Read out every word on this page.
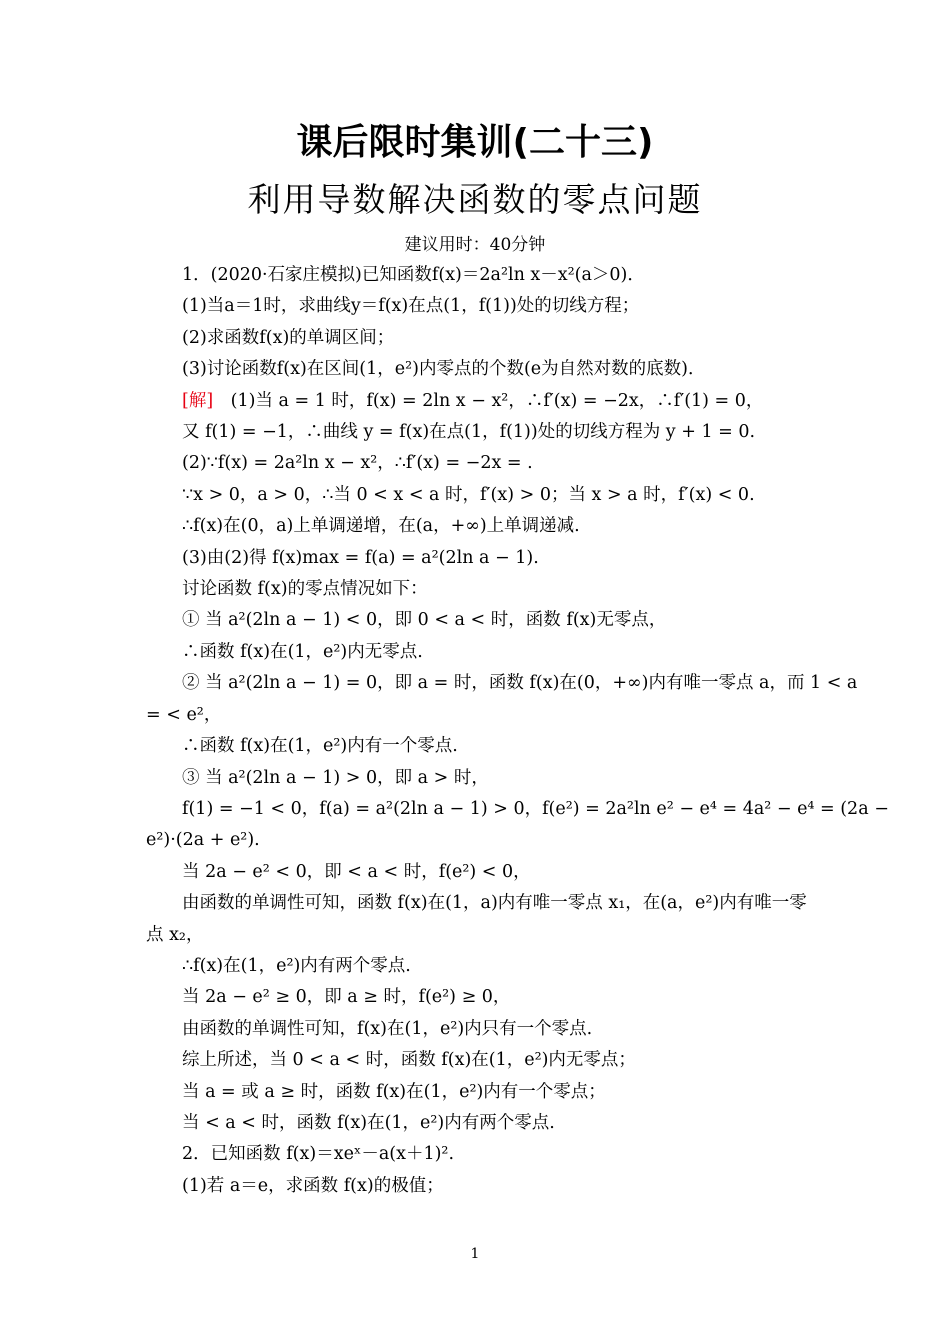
课后限时集训(二十三)
利用导数解决函数的零点问题
建议用时：40分钟
1．(2020·石家庄模拟)已知函数f(x)＝2a²ln x－x²(a＞0)．
(1)当a＝1时，求曲线y＝f(x)在点(1，f(1))处的切线方程；
(2)求函数f(x)的单调区间；
(3)讨论函数f(x)在区间(1，e²)内零点的个数(e为自然对数的底数)．
[解]　 (1)当 a = 1 时，f(x) = 2ln x − x²，∴f′(x) = −2x，∴f′(1) = 0，
又 f(1) = −1，∴曲线 y = f(x)在点(1，f(1))处的切线方程为 y + 1 = 0.
(2)∵f(x) = 2a²ln x − x²，∴f′(x) = −2x = .
∵x > 0，a > 0，∴当 0 < x < a 时，f′(x) > 0；当 x > a 时，f′(x) < 0.
∴f(x)在(0，a)上单调递增，在(a，+∞)上单调递减.
(3)由(2)得 f(x)max = f(a) = a²(2ln a − 1).
讨论函数 f(x)的零点情况如下：
① 当 a²(2ln a − 1) < 0，即 0 < a < 时，函数 f(x)无零点，
∴函数 f(x)在(1，e²)内无零点.
② 当 a²(2ln a − 1) = 0，即 a = 时，函数 f(x)在(0，+∞)内有唯一零点 a，而 1 < a
= < e²，
∴函数 f(x)在(1，e²)内有一个零点.
③ 当 a²(2ln a − 1) > 0，即 a > 时，
f(1) = −1 < 0，f(a) = a²(2ln a − 1) > 0，f(e²) = 2a²ln e² − e⁴ = 4a² − e⁴ = (2a −
e²)·(2a + e²).
当 2a − e² < 0，即 < a < 时，f(e²) < 0，
由函数的单调性可知，函数 f(x)在(1，a)内有唯一零点 x₁，在(a，e²)内有唯一零
点 x₂，
∴f(x)在(1，e²)内有两个零点.
当 2a − e² ≥ 0，即 a ≥ 时，f(e²) ≥ 0，
由函数的单调性可知，f(x)在(1，e²)内只有一个零点.
综上所述，当 0 < a < 时，函数 f(x)在(1，e²)内无零点；
当 a = 或 a ≥ 时，函数 f(x)在(1，e²)内有一个零点；
当 < a < 时，函数 f(x)在(1，e²)内有两个零点.
2．已知函数 f(x)＝xeˣ－a(x＋1)².
(1)若 a＝e，求函数 f(x)的极值；
1
